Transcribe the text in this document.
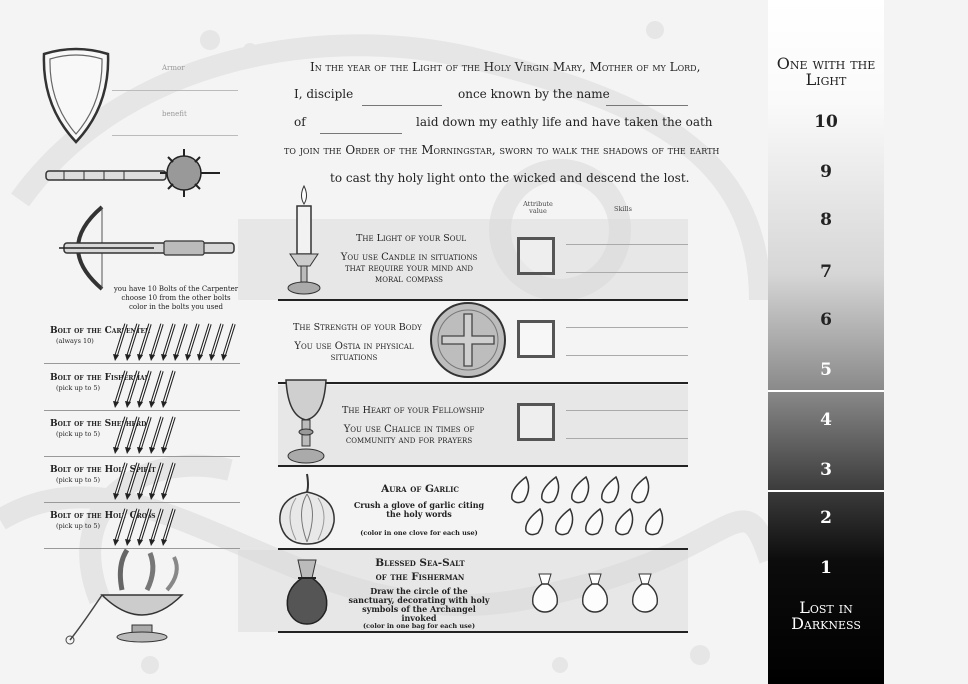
Armor
benefit
you have 10 Bolts of the Carpenter choose 10 from the other bolts color in the bolts you used
Bolt of the Carpenter
(always 10)
Bolt of the Fisherman
(pick up to 5)
Bolt of the Shepherd
(pick up to 5)
Bolt of the Holy Spirit
(pick up to 5)
Bolt of the Holy Cross
(pick up to 5)
In the year of the Light of the Holy Virgin Mary, Mother of my Lord,
I, disciple	once known by the name
of	laid down my eathly life and have taken the oath
to join the Order of the Morningstar, sworn to walk the shadows of the earth
to cast thy holy light onto the wicked and descend the lost.
Attribute value	Skills
The Light of your Soul
You use Candle in situations that require your mind and moral compass
The Strength of your Body
You use Ostia in physical situations
The Heart of your Fellowship
You use Chalice in times of community and for prayers
Aura of Garlic
Crush a glove of garlic citing the holy words
(color in one clove for each use)
Blessed Sea-Salt
of the Fisherman
Draw the circle of the sanctuary, decorating with holy symbols of the Archangel invoked
(color in one bag for each use)
One with the Light
Lost in Darkness
10
9
8
7
6
5
4
3
2
1
